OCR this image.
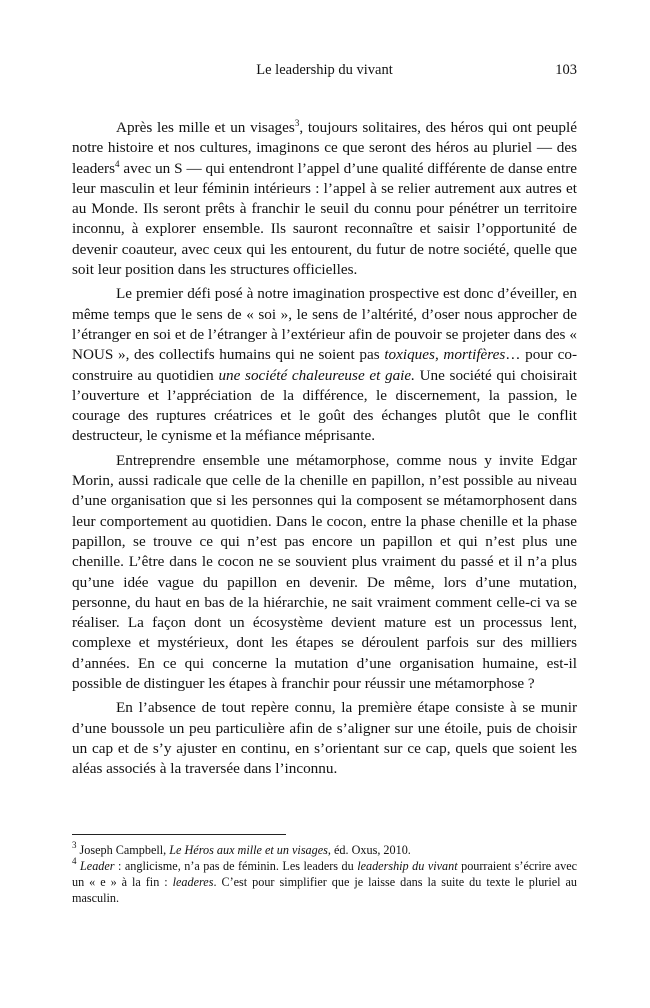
Le leadership du vivant	103

Après les mille et un visages$^3$, toujours solitaires, des héros qui ont peuplé notre histoire et nos cultures, imaginons ce que seront des héros au pluriel — des leaders$^4$ avec un S — qui entendront l’appel d’une qualité différente de danse entre leur masculin et leur féminin intérieurs : l’appel à se relier autrement aux autres et au Monde. Ils seront prêts à franchir le seuil du connu pour pénétrer un territoire inconnu, à explorer ensemble. Ils sauront reconnaître et saisir l’opportunité de devenir coauteur, avec ceux qui les entourent, du futur de notre société, quelle que soit leur position dans les structures officielles.

Le premier défi posé à notre imagination prospective est donc d’éveiller, en même temps que le sens de « soi », le sens de l’altérité, d’oser nous approcher de l’étranger en soi et de l’étranger à l’extérieur afin de pouvoir se projeter dans des « NOUS », des collectifs humains qui ne soient pas toxiques, mortifères… pour co-construire au quotidien une société chaleureuse et gaie. Une société qui choisirait l’ouverture et l’appréciation de la différence, le discernement, la passion, le courage des ruptures créatrices et le goût des échanges plutôt que le conflit destructeur, le cynisme et la méfiance méprisante.

Entreprendre ensemble une métamorphose, comme nous y invite Edgar Morin, aussi radicale que celle de la chenille en papillon, n’est possible au niveau d’une organisation que si les personnes qui la composent se métamorphosent dans leur comportement au quotidien. Dans le cocon, entre la phase chenille et la phase papillon, se trouve ce qui n’est pas encore un papillon et qui n’est plus une chenille. L’être dans le cocon ne se souvient plus vraiment du passé et il n’a plus qu’une idée vague du papillon en devenir. De même, lors d’une mutation, personne, du haut en bas de la hiérarchie, ne sait vraiment comment celle-ci va se réaliser. La façon dont un écosystème devient mature est un processus lent, complexe et mystérieux, dont les étapes se déroulent parfois sur des milliers d’années. En ce qui concerne la mutation d’une organisation humaine, est-il possible de distinguer les étapes à franchir pour réussir une métamorphose ?

En l’absence de tout repère connu, la première étape consiste à se munir d’une boussole un peu particulière afin de s’aligner sur une étoile, puis de choisir un cap et de s’y ajuster en continu, en s’orientant sur ce cap, quels que soient les aléas associés à la traversée dans l’inconnu.

$^3$ Joseph Campbell, Le Héros aux mille et un visages, éd. Oxus, 2010.

$^4$ Leader : anglicisme, n’a pas de féminin. Les leaders du leadership du vivant pourraient s’écrire avec un « e » à la fin : leaderes. C’est pour simplifier que je laisse dans la suite du texte le pluriel au masculin.
